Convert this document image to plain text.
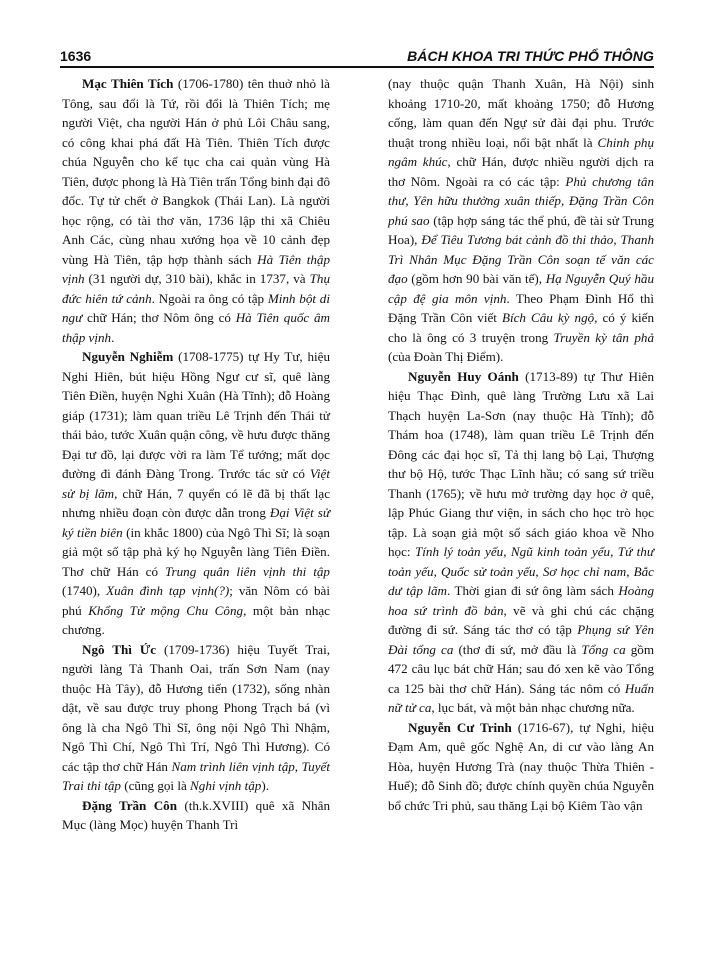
1636	BÁCH KHOA TRI THỨC PHỔ THÔNG

Mạc Thiên Tích (1706-1780) tên thuở nhỏ là Tông, sau đổi là Tứ, rồi đổi là Thiên Tích; mẹ người Việt, cha người Hán ở phủ Lôi Châu sang, có công khai phá đất Hà Tiên. Thiên Tích được chúa Nguyễn cho kế tục cha cai quản vùng Hà Tiên, được phong là Hà Tiên trấn Tổng binh đại đô đốc. Tự tử chết ở Bangkok (Thái Lan). Là người học rộng, có tài thơ văn, 1736 lập thi xã Chiêu Anh Các, cùng nhau xướng họa về 10 cảnh đẹp vùng Hà Tiên, tập hợp thành sách Hà Tiên thập vịnh (31 người dự, 310 bài), khắc in 1737, và Thụ đức hiên tứ cảnh. Ngoài ra ông có tập Minh bột di ngư chữ Hán; thơ Nôm ông có Hà Tiên quốc âm thập vịnh.

Nguyễn Nghiễm (1708-1775) tự Hy Tư, hiệu Nghi Hiên, bút hiệu Hồng Ngư cư sĩ, quê làng Tiên Điền, huyện Nghi Xuân (Hà Tĩnh); đỗ Hoàng giáp (1731); làm quan triều Lê Trịnh đến Thái tử thái bảo, tước Xuân quận công, về hưu được thăng Đại tư đồ, lại được vời ra làm Tể tướng; mất dọc đường đi đánh Đàng Trong. Trước tác sử có Việt sử bị lãm, chữ Hán, 7 quyển có lẽ đã bị thất lạc nhưng nhiều đoạn còn được dẫn trong Đại Việt sử ký tiền biên (in khắc 1800) của Ngô Thì Sĩ; là soạn giả một số tập phả ký họ Nguyễn làng Tiên Điền. Thơ chữ Hán có Trung quân liên vịnh thi tập (1740), Xuân đình tạp vịnh(?); văn Nôm có bài phú Khổng Tử mộng Chu Công, một bản nhạc chương.

Ngô Thì Ức (1709-1736) hiệu Tuyết Trai, người làng Tả Thanh Oai, trấn Sơn Nam (nay thuộc Hà Tây), đỗ Hương tiến (1732), sống nhàn dật, về sau được truy phong Phong Trạch bá (vì ông là cha Ngô Thì Sĩ, ông nội Ngô Thì Nhậm, Ngô Thì Chí, Ngô Thì Trí, Ngô Thì Hương). Có các tập thơ chữ Hán Nam trình liên vịnh tập, Tuyết Trai thi tập (cũng gọi là Nghi vịnh tập).

Đặng Trần Côn (th.k.XVIII) quê xã Nhân Mục (làng Mọc) huyện Thanh Trì

(nay thuộc quận Thanh Xuân, Hà Nội) sinh khoảng 1710-20, mất khoảng 1750; đỗ Hương cống, làm quan đến Ngự sử đài đại phu. Trước thuật trong nhiều loại, nổi bật nhất là Chinh phụ ngâm khúc, chữ Hán, được nhiều người dịch ra thơ Nôm. Ngoài ra có các tập: Phủ chương tân thư, Yên hữu thưởng xuân thiếp, Đặng Trần Côn phú sao (tập hợp sáng tác thể phú, đề tài sử Trung Hoa), Để Tiêu Tương bát cảnh đồ thi thảo, Thanh Trì Nhân Mục Đặng Trần Côn soạn tế văn các đạo (gồm hơn 90 bài văn tế), Hạ Nguyễn Quý hầu cập đệ gia môn vịnh. Theo Phạm Đình Hổ thì Đặng Trần Côn viết Bích Câu kỳ ngộ, có ý kiến cho là ông có 3 truyện trong Truyền kỳ tân phả (của Đoàn Thị Điểm).

Nguyễn Huy Oánh (1713-89) tự Thư Hiên hiệu Thạc Đình, quê làng Trường Lưu xã Lai Thạch huyện La-Sơn (nay thuộc Hà Tĩnh); đỗ Thám hoa (1748), làm quan triều Lê Trịnh đến Đông các đại học sĩ, Tả thị lang bộ Lại, Thượng thư bộ Hộ, tước Thạc Lĩnh hầu; có sang sứ triều Thanh (1765); về hưu mở trường dạy học ở quê, lập Phúc Giang thư viện, in sách cho học trò học tập. Là soạn giả một số sách giáo khoa về Nho học: Tính lý toản yếu, Ngũ kinh toản yếu, Tứ thư toản yếu, Quốc sử toản yếu, Sơ học chỉ nam, Bắc dư tập lãm. Thời gian đi sứ ông làm sách Hoàng hoa sứ trình đồ bản, vẽ và ghi chú các chặng đường đi sứ. Sáng tác thơ có tập Phụng sứ Yên Đài tổng ca (thơ đi sứ, mở đầu là Tổng ca gồm 472 câu lục bát chữ Hán; sau đó xen kẽ vào Tổng ca 125 bài thơ chữ Hán). Sáng tác nôm có Huấn nữ tử ca, lục bát, và một bản nhạc chương nữa.

Nguyễn Cư Trinh (1716-67), tự Nghi, hiệu Đạm Am, quê gốc Nghệ An, di cư vào làng An Hòa, huyện Hương Trà (nay thuộc Thừa Thiên - Huế); đỗ Sinh đồ; được chính quyền chúa Nguyễn bổ chức Tri phủ, sau thăng Lại bộ Kiêm Tào vận
